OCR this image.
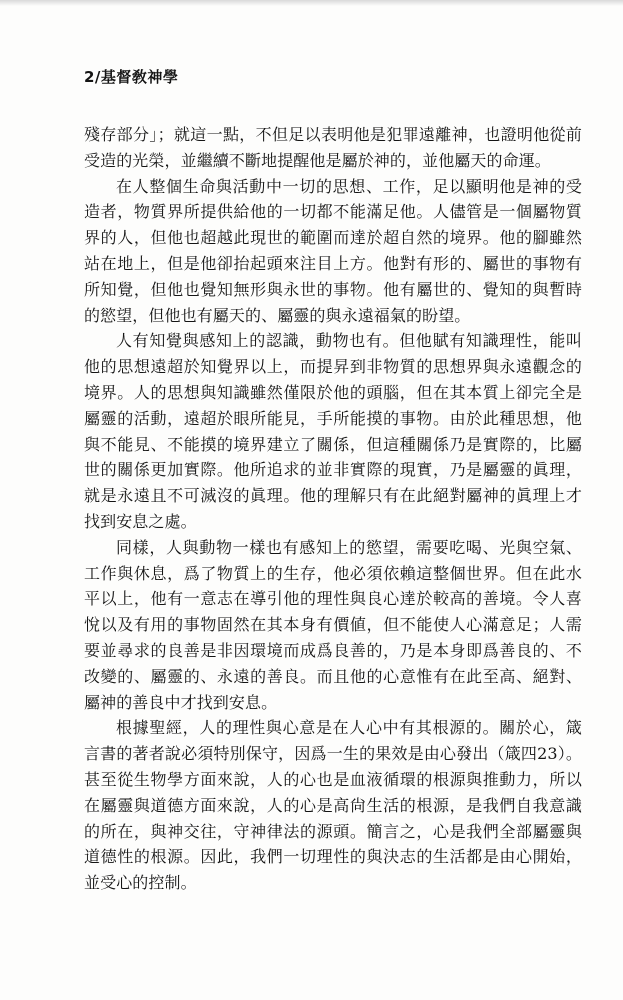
2/基督敎神學

殘存部分」；就這一點，不但足以表明他是犯罪遠離神，也證明他從前受造的光榮，並繼續不斷地提醒他是屬於神的，並他屬天的命運。

在人整個生命與活動中一切的思想、工作，足以顯明他是神的受造者，物質界所提供給他的一切都不能滿足他。人儘管是一個屬物質界的人，但他也超越此現世的範圍而達於超自然的境界。他的腳雖然站在地上，但是他卻抬起頭來注目上方。他對有形的、屬世的事物有所知覺，但他也覺知無形與永世的事物。他有屬世的、覺知的與暫時的慾望，但他也有屬天的、屬靈的與永遠福氣的盼望。

人有知覺與感知上的認識，動物也有。但他賦有知識理性，能叫他的思想遠超於知覺界以上，而提昇到非物質的思想界與永遠觀念的境界。人的思想與知識雖然僅限於他的頭腦，但在其本質上卻完全是屬靈的活動，遠超於眼所能見，手所能摸的事物。由於此種思想，他與不能見、不能摸的境界建立了關係，但這種關係乃是實際的，比屬世的關係更加實際。他所追求的並非實際的現實，乃是屬靈的眞理，就是永遠且不可滅沒的眞理。他的理解只有在此絕對屬神的眞理上才找到安息之處。

同樣，人與動物一樣也有感知上的慾望，需要吃喝、光與空氣、工作與休息，爲了物質上的生存，他必須依賴這整個世界。但在此水平以上，他有一意志在導引他的理性與良心達於較高的善境。令人喜悅以及有用的事物固然在其本身有價値，但不能使人心滿意足；人需要並尋求的良善是非因環境而成爲良善的，乃是本身即爲善良的、不改變的、屬靈的、永遠的善良。而且他的心意惟有在此至高、絕對、屬神的善良中才找到安息。

根據聖經，人的理性與心意是在人心中有其根源的。關於心，箴言書的著者說必須特別保守，因爲一生的果效是由心發出（箴四23）。甚至從生物學方面來說，人的心也是血液循環的根源與推動力，所以在屬靈與道德方面來說，人的心是高尙生活的根源，是我們自我意識的所在，與神交往，守神律法的源頭。簡言之，心是我們全部屬靈與道德性的根源。因此，我們一切理性的與決志的生活都是由心開始，並受心的控制。
